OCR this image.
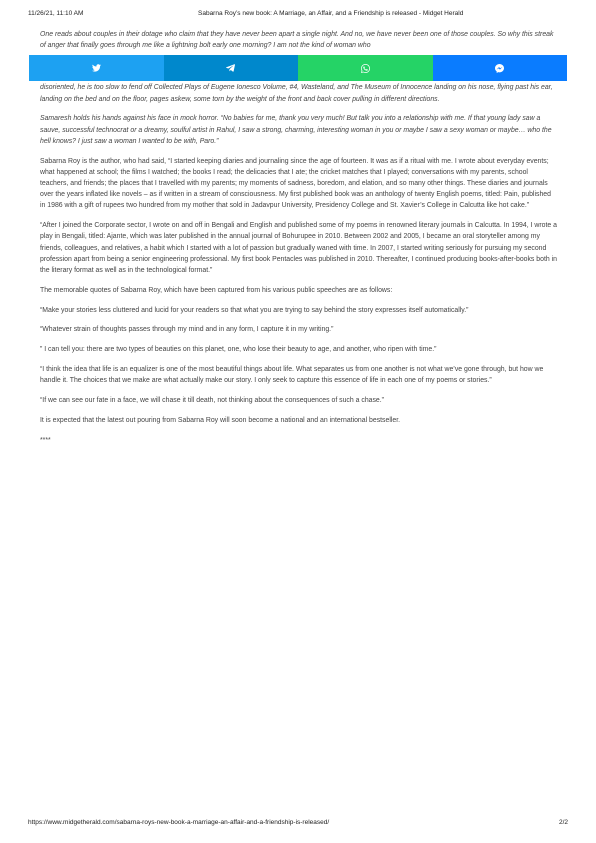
11/26/21, 11:10 AM	Sabarna Roy’s new book: A Marriage, an Affair, and a Friendship is released - Midget Herald

One reads about couples in their dotage who claim that they have never been apart a single night. And no, we have never been one of those couples. So why this streak of anger that finally goes through me like a lightning bolt early one morning? I am not the kind of woman who

disoriented, he is too slow to fend off Collected Plays of Eugene Ionesco Volume, #4, Wasteland, and The Museum of Innocence landing on his nose, flying past his ear, landing on the bed and on the floor, pages askew, some torn by the weight of the front and back cover pulling in different directions.

Samaresh holds his hands against his face in mock horror. “No babies for me, thank you very much! But talk you into a relationship with me. If that young lady saw a sauve, successful technocrat or a dreamy, soulful artist in Rahul, I saw a strong, charming, interesting woman in you or maybe I saw a sexy woman or maybe… who the hell knows? I just saw a woman I wanted to be with, Paro.”

Sabarna Roy is the author, who had said, “I started keeping diaries and journaling since the age of fourteen. It was as if a ritual with me. I wrote about everyday events; what happened at school; the films I watched; the books I read; the delicacies that I ate; the cricket matches that I played; conversations with my parents, school teachers, and friends; the places that I travelled with my parents; my moments of sadness, boredom, and elation, and so many other things. These diaries and journals over the years inflated like novels – as if written in a stream of consciousness. My first published book was an anthology of twenty English poems, titled: Pain, published in 1986 with a gift of rupees two hundred from my mother that sold in Jadavpur University, Presidency College and St. Xavier’s College in Calcutta like hot cake.”

“After I joined the Corporate sector, I wrote on and off in Bengali and English and published some of my poems in renowned literary journals in Calcutta. In 1994, I wrote a play in Bengali, titled: Ajante, which was later published in the annual journal of Bohurupee in 2010. Between 2002 and 2005, I became an oral storyteller among my friends, colleagues, and relatives, a habit which I started with a lot of passion but gradually waned with time. In 2007, I started writing seriously for pursuing my second profession apart from being a senior engineering professional. My first book Pentacles was published in 2010. Thereafter, I continued producing books-after-books both in the literary format as well as in the technological format.”

The memorable quotes of Sabarna Roy, which have been captured from his various public speeches are as follows:

“Make your stories less cluttered and lucid for your readers so that what you are trying to say behind the story expresses itself automatically.”

“Whatever strain of thoughts passes through my mind and in any form, I capture it in my writing.”

” I can tell you: there are two types of beauties on this planet, one, who lose their beauty to age, and another, who ripen with time.”

“I think the idea that life is an equalizer is one of the most beautiful things about life. What separates us from one another is not what we’ve gone through, but how we handle it. The choices that we make are what actually make our story. I only seek to capture this essence of life in each one of my poems or stories.”

“If we can see our fate in a face, we will chase it till death, not thinking about the consequences of such a chase.”

It is expected that the latest out pouring from Sabarna Roy will soon become a national and an international bestseller.

****

https://www.midgetherald.com/sabarna-roys-new-book-a-marriage-an-affair-and-a-friendship-is-released/	2/2
